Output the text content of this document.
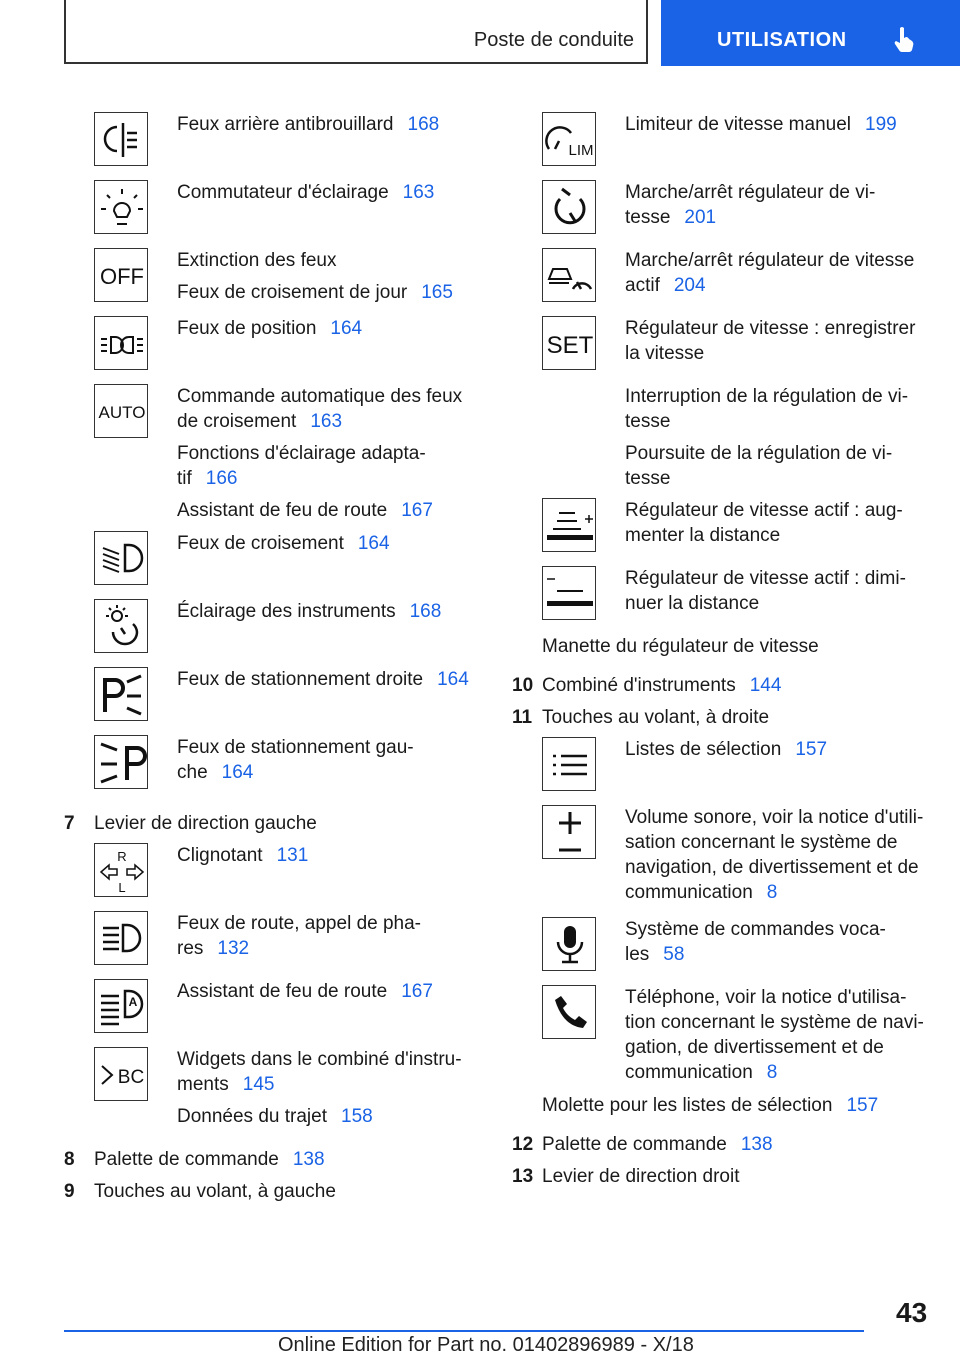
Poste de conduite	UTILISATION

Feux arrière antibrouillard 168

Commutateur d'éclairage 163

OFF

Extinction des feux

Feux de croisement de jour 165

Feux de position 164

AUTO

Commande automatique des feux de croisement 163

Fonctions d'éclairage adapta-tif 166

Assistant de feu de route 167

Feux de croisement 164

Éclairage des instruments 168

Feux de stationnement droite 164

Feux de stationnement gau-che 164

7 Levier de direction gauche
R
L

Clignotant 131

Feux de route, appel de pha-res 132

A Assistant de feu de route 167

BC

Widgets dans le combiné d'instru-ments 145

Données du trajet 158

8 Palette de commande 138
9 Touches au volant, à gauche
LIM

Limiteur de vitesse manuel 199

Marche/arrêt régulateur de vi-tesse 201

Marche/arrêt régulateur de vitesse actif 204

SET

Régulateur de vitesse : enregistrer la vitesse

Interruption de la régulation de vi-tesse

Poursuite de la régulation de vi-tesse

Régulateur de vitesse actif : aug-menter la distance

Régulateur de vitesse actif : dimi-nuer la distance

Manette du régulateur de vitesse
10 Combiné d'instruments 144
11 Touches au volant, à droite

Listes de sélection 157

Volume sonore, voir la notice d'utili-sation concernant le système de navigation, de divertissement et de communication 8

Système de commandes voca-les 58

Téléphone, voir la notice d'utilisa-tion concernant le système de navi-gation, de divertissement et de communication 8

Molette pour les listes de sélection 157
12 Palette de commande 138
13 Levier de direction droit
43
Online Edition for Part no. 01402896989 - X/18
